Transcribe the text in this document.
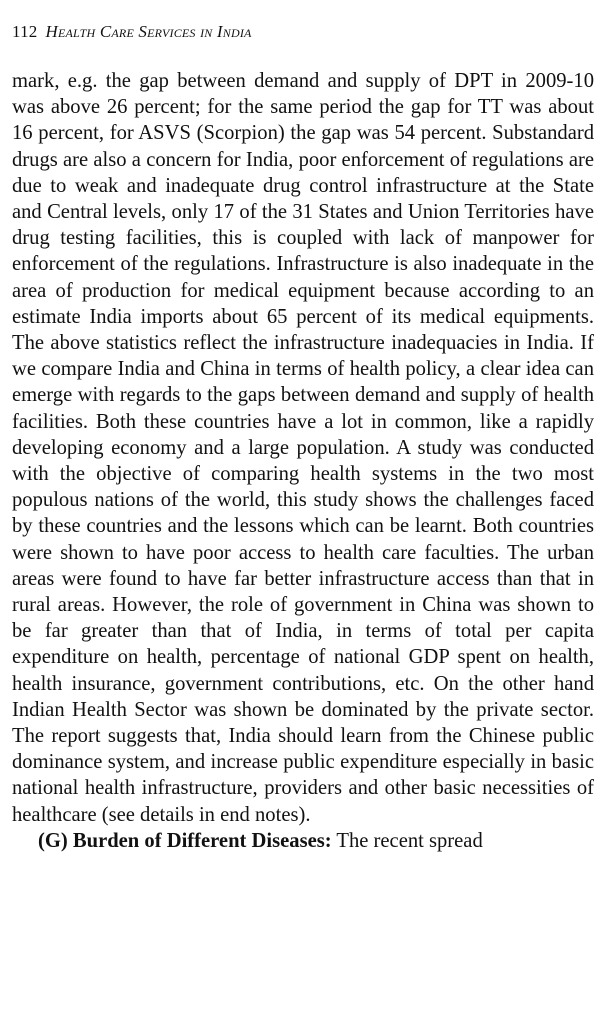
112 Health Care Services in India

mark, e.g. the gap between demand and supply of DPT in 2009-10 was above 26 percent; for the same period the gap for TT was about 16 percent, for ASVS (Scorpion) the gap was 54 percent. Substandard drugs are also a concern for India, poor enforcement of regulations are due to weak and inadequate drug control infrastructure at the State and Central levels, only 17 of the 31 States and Union Territories have drug testing facilities, this is coupled with lack of manpower for enforcement of the regulations. Infrastructure is also inadequate in the area of production for medical equipment because according to an estimate India imports about 65 percent of its medical equipments. The above statistics reflect the infrastructure inadequacies in India. If we compare India and China in terms of health policy, a clear idea can emerge with regards to the gaps between demand and supply of health facilities. Both these countries have a lot in common, like a rapidly developing economy and a large population. A study was conducted with the objective of comparing health systems in the two most populous nations of the world, this study shows the challenges faced by these countries and the lessons which can be learnt. Both countries were shown to have poor access to health care faculties. The urban areas were found to have far better infrastructure access than that in rural areas. However, the role of government in China was shown to be far greater than that of India, in terms of total per capita expenditure on health, percentage of national GDP spent on health, health insurance, government contributions, etc. On the other hand Indian Health Sector was shown be dominated by the private sector. The report suggests that, India should learn from the Chinese public dominance system, and increase public expenditure especially in basic national health infrastructure, providers and other basic necessities of healthcare (see details in end notes).

(G) Burden of Different Diseases: The recent spread
